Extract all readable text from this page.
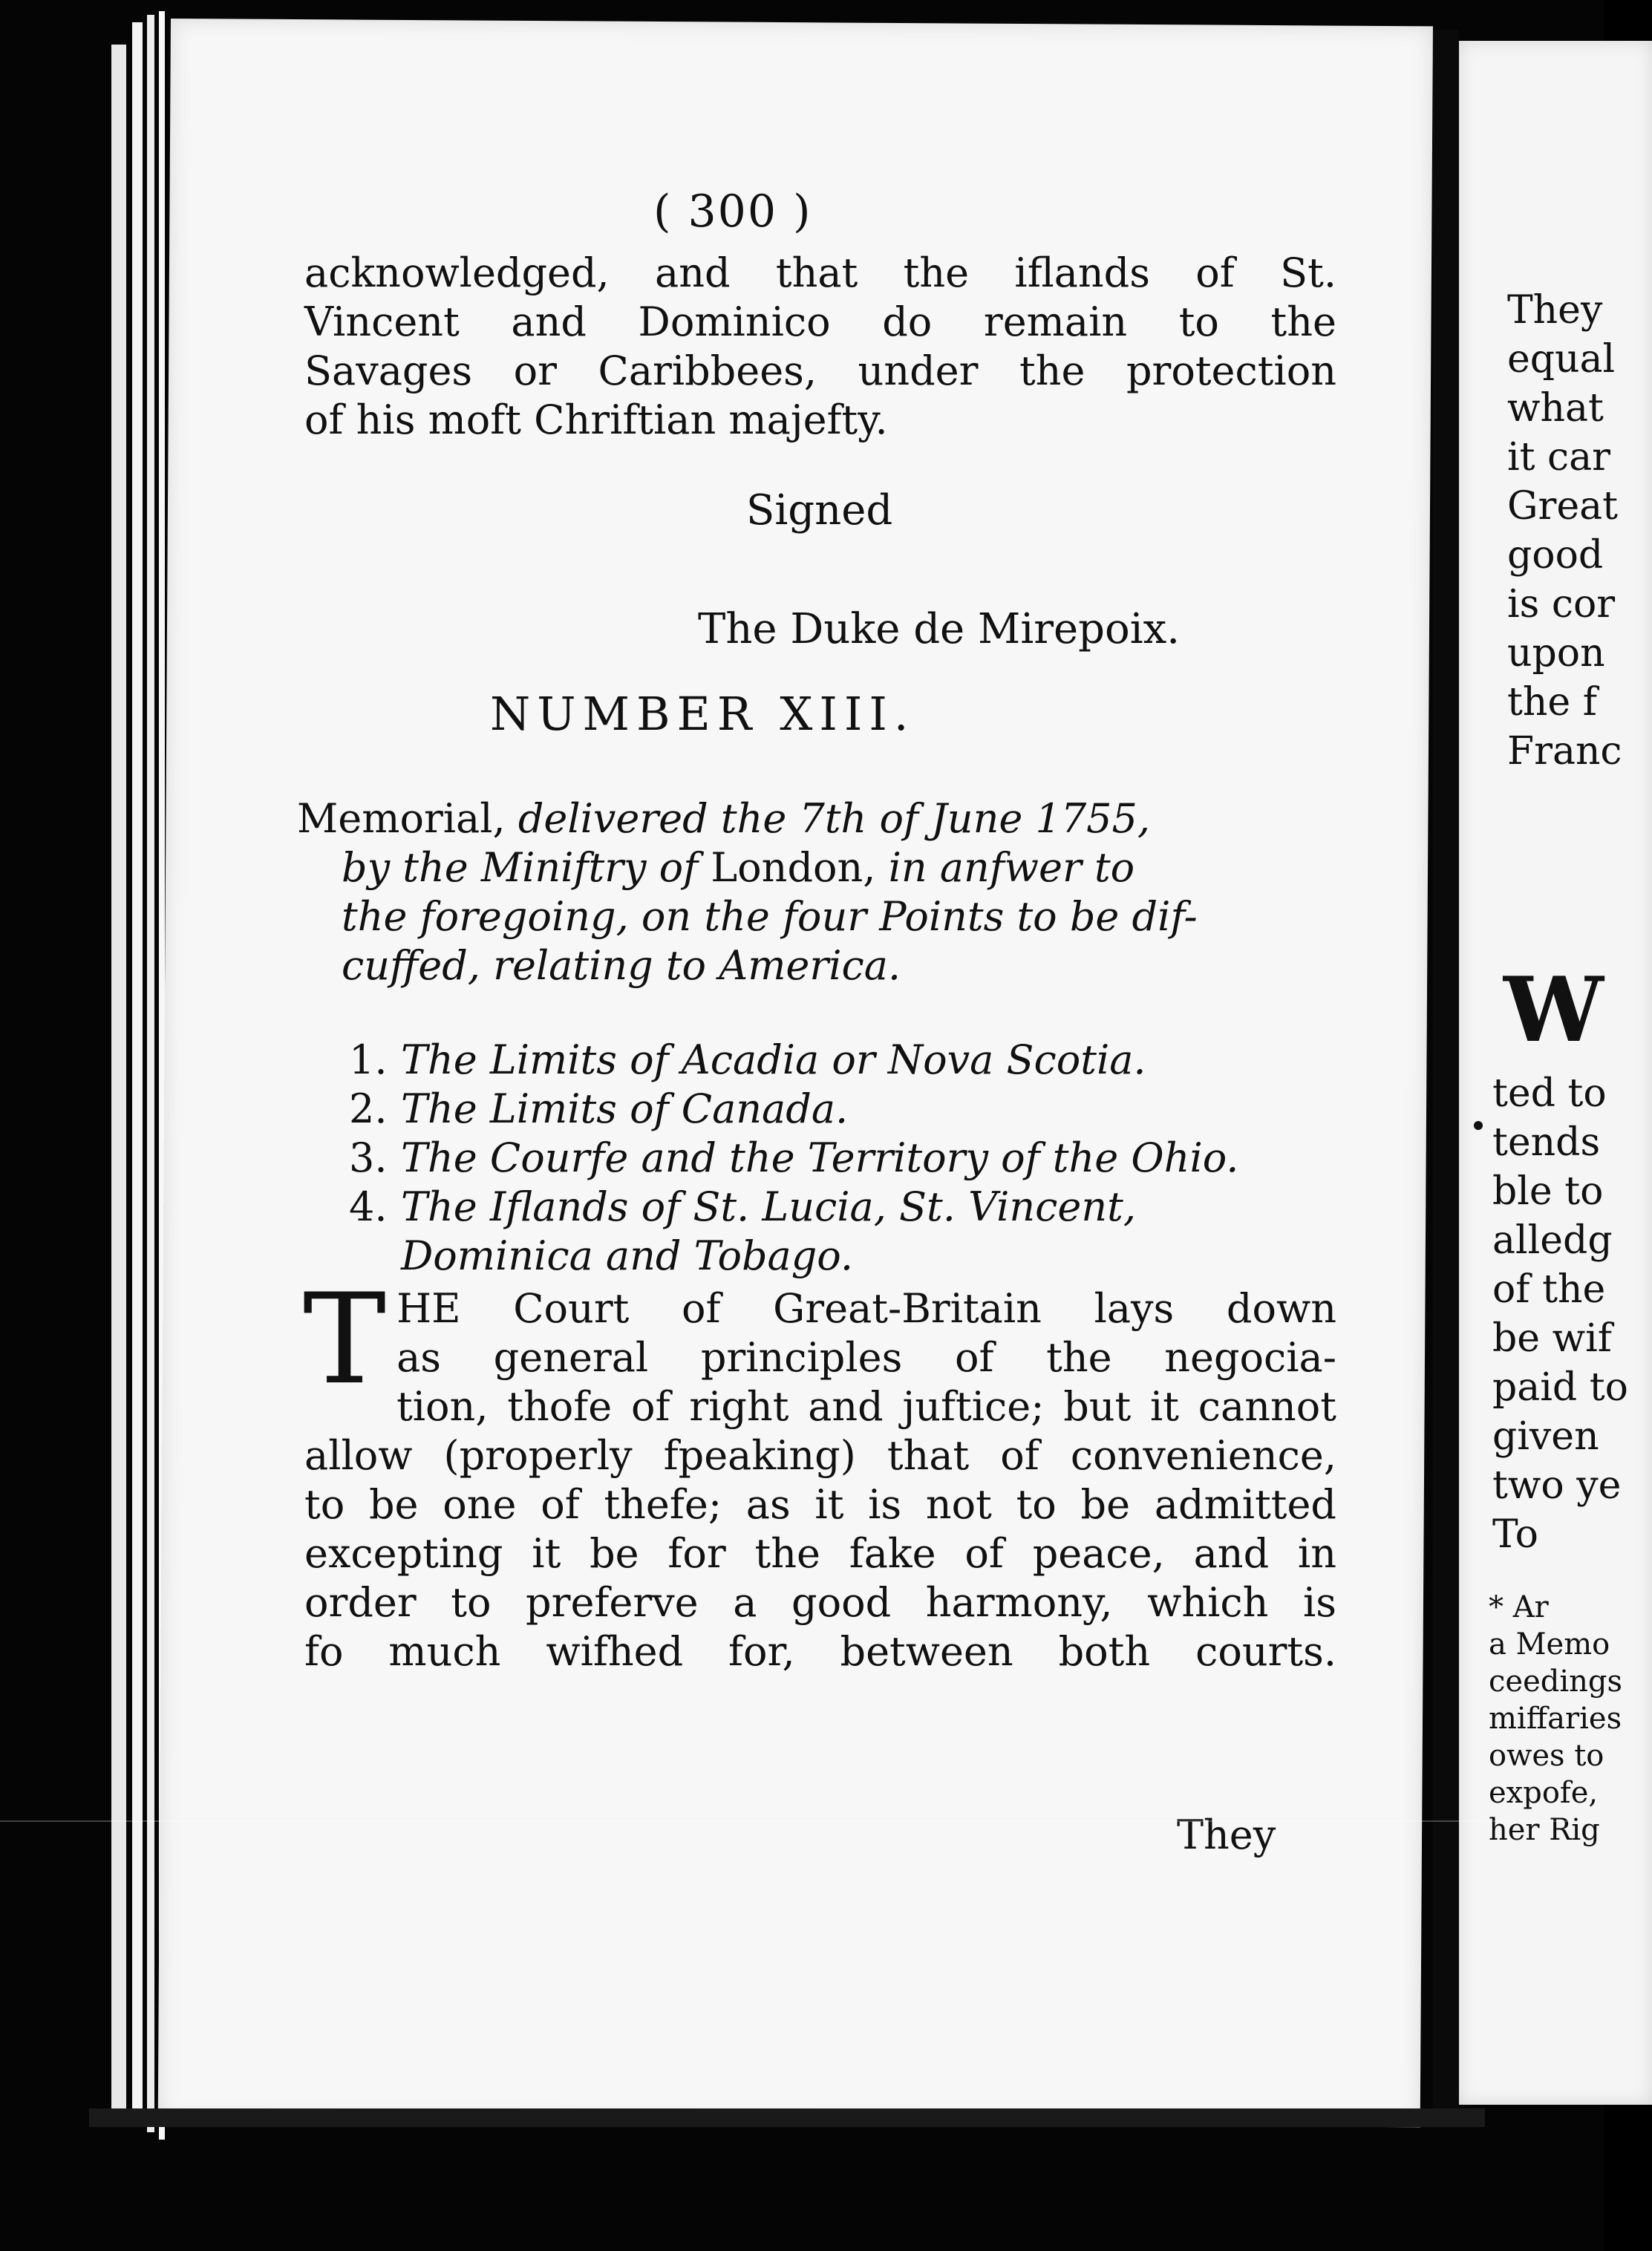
( 300 )
acknowledged, and that the iflands of St.
Vincent and Dominico do remain to the
Savages or Caribbees, under the protection
of his moft Chriftian majefty.
Signed
The Duke de Mirepoix.
NUMBER XIII.
Memorial, delivered the 7th of June 1755,
by the Miniftry of London, in anfwer to
the foregoing, on the four Points to be dif-
cuffed, relating to America.
1. The Limits of Acadia or Nova Scotia.
2. The Limits of Canada.
3. The Courfe and the Territory of the Ohio.
4. The Iflands of St. Lucia, St. Vincent,
Dominica and Tobago.
T HE Court of Great-Britain lays down
as general principles of the negocia-
tion, thofe of right and juftice; but it cannot
allow (properly fpeaking) that of convenience,
to be one of thefe; as it is not to be admitted
excepting it be for the fake of peace, and in
order to preferve a good harmony, which is
fo much wifhed for, between both courts.
They
They
equal
what
it car
Great
good
is cor
upon
the f
Franc
W
ted to
tends
ble to
alledg
of the
be wif
paid to
given
two ye
To
* Ar
a Memo
ceedings
miffaries
owes to
expofe,
her Rig
